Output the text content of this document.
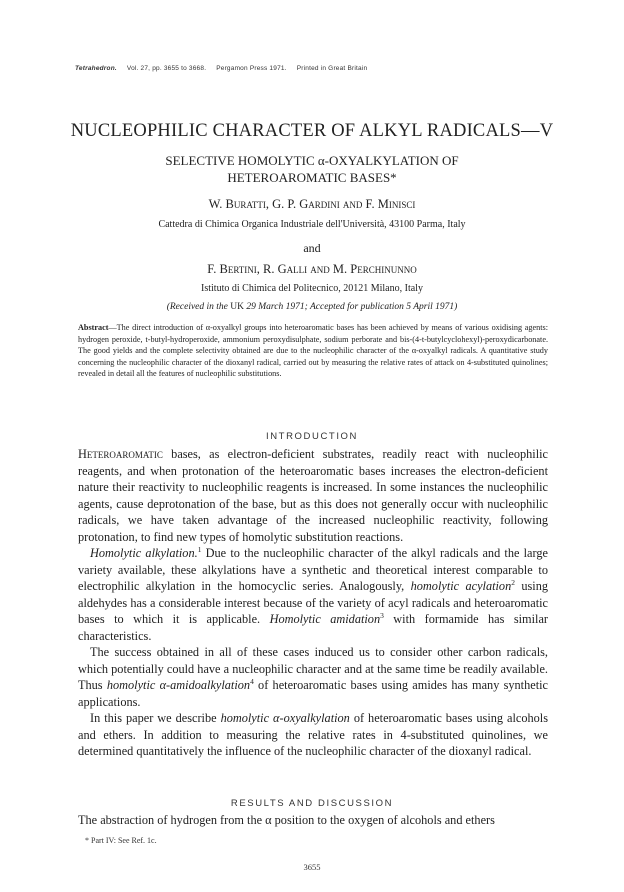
Tetrahedron. Vol. 27, pp. 3655 to 3668. Pergamon Press 1971. Printed in Great Britain
NUCLEOPHILIC CHARACTER OF ALKYL RADICALS—V
SELECTIVE HOMOLYTIC α-OXYALKYLATION OF
HETEROAROMATIC BASES*
W. Buratti, G. P. Gardini and F. Minisci
Cattedra di Chimica Organica Industriale dell'Università, 43100 Parma, Italy
and
F. Bertini, R. Galli and M. Perchinunno
Istituto di Chimica del Politecnico, 20121 Milano, Italy
(Received in the UK 29 March 1971; Accepted for publication 5 April 1971)
Abstract—The direct introduction of α-oxyalkyl groups into heteroaromatic bases has been achieved by means of various oxidising agents: hydrogen peroxide, t-butyl-hydroperoxide, ammonium peroxydisulphate, sodium perborate and bis-(4-t-butylcyclohexyl)-peroxydicarbonate. The good yields and the complete selectivity obtained are due to the nucleophilic character of the α-oxyalkyl radicals. A quantitative study concerning the nucleophilic character of the dioxanyl radical, carried out by measuring the relative rates of attack on 4-substituted quinolines; revealed in detail all the features of nucleophilic substitutions.
INTRODUCTION

Heteroaromatic bases, as electron-deficient substrates, readily react with nucleophilic reagents, and when protonation of the heteroaromatic bases increases the electron-deficient nature their reactivity to nucleophilic reagents is increased. In some instances the nucleophilic agents, cause deprotonation of the base, but as this does not generally occur with nucleophilic radicals, we have taken advantage of the increased nucleophilic reactivity, following protonation, to find new types of homolytic substitution reactions.

Homolytic alkylation.$^1$ Due to the nucleophilic character of the alkyl radicals and the large variety available, these alkylations have a synthetic and theoretical interest comparable to electrophilic alkylation in the homocyclic series. Analogously, homolytic acylation$^2$ using aldehydes has a considerable interest because of the variety of acyl radicals and heteroaromatic bases to which it is applicable. Homolytic amidation$^3$ with formamide has similar characteristics.

The success obtained in all of these cases induced us to consider other carbon radicals, which potentially could have a nucleophilic character and at the same time be readily available. Thus homolytic α-amidoalkylation$^4$ of heteroaromatic bases using amides has many synthetic applications.

In this paper we describe homolytic α-oxyalkylation of heteroaromatic bases using alcohols and ethers. In addition to measuring the relative rates in 4-substituted quinolines, we determined quantitatively the influence of the nucleophilic character of the dioxanyl radical.

RESULTS AND DISCUSSION

The abstraction of hydrogen from the α position to the oxygen of alcohols and ethers

* Part IV: See Ref. 1c.
3655
